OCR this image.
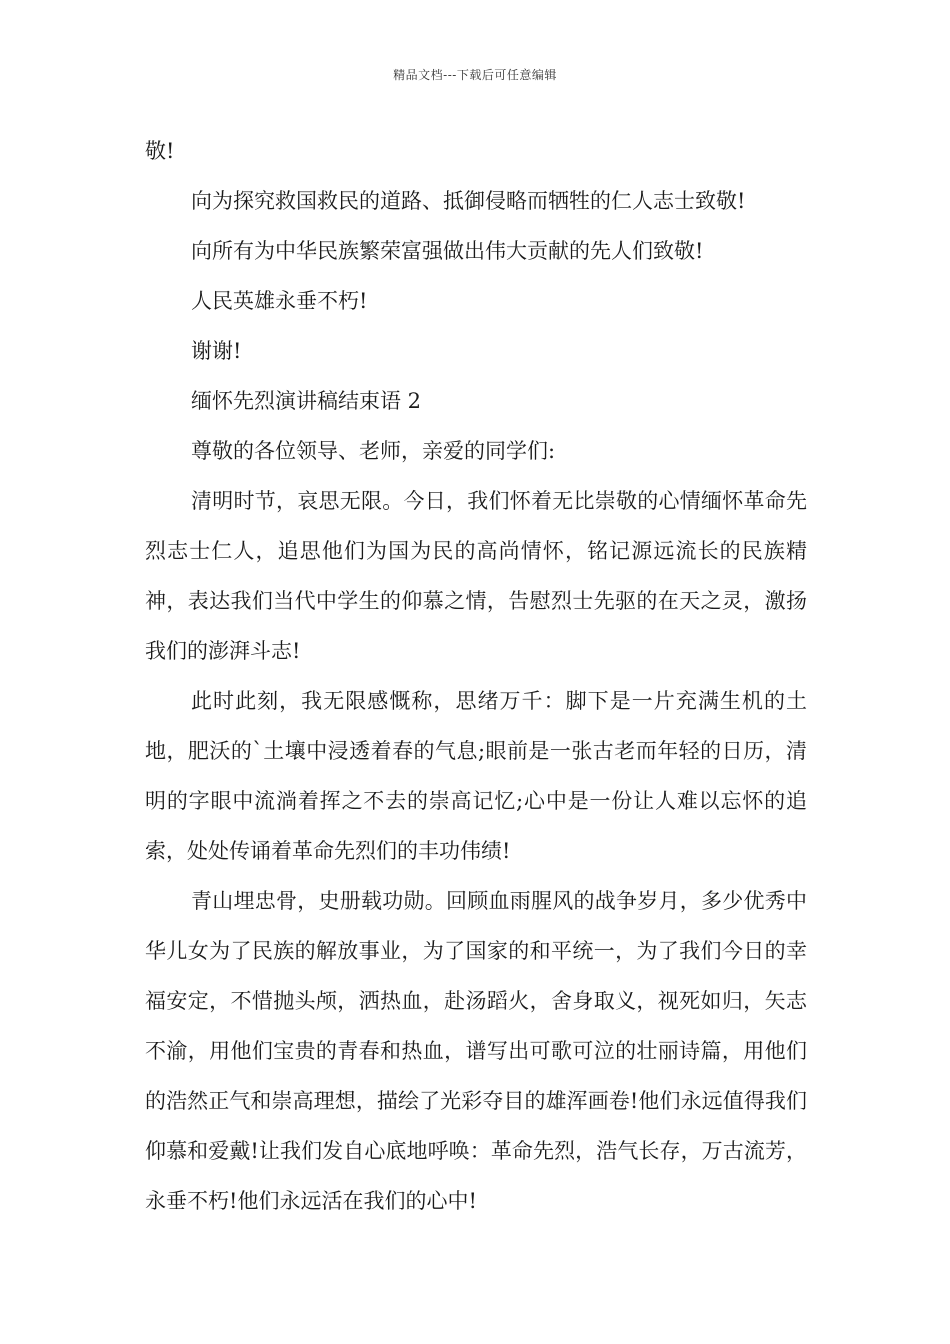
精品文档---下载后可任意编辑

敬!

向为探究救国救民的道路、抵御侵略而牺牲的仁人志士致敬!

向所有为中华民族繁荣富强做出伟大贡献的先人们致敬!

人民英雄永垂不朽!

谢谢!

缅怀先烈演讲稿结束语 2

尊敬的各位领导、老师，亲爱的同学们:

清明时节，哀思无限。今日，我们怀着无比崇敬的心情缅怀革命先烈志士仁人，追思他们为国为民的高尚情怀，铭记源远流长的民族精神，表达我们当代中学生的仰慕之情，告慰烈士先驱的在天之灵，激扬我们的澎湃斗志!

此时此刻，我无限感慨称，思绪万千：脚下是一片充满生机的土地，肥沃的`土壤中浸透着春的气息;眼前是一张古老而年轻的日历，清明的字眼中流淌着挥之不去的崇高记忆;心中是一份让人难以忘怀的追索，处处传诵着革命先烈们的丰功伟绩!

青山埋忠骨，史册载功勋。回顾血雨腥风的战争岁月，多少优秀中华儿女为了民族的解放事业，为了国家的和平统一，为了我们今日的幸福安定，不惜抛头颅，洒热血，赴汤蹈火，舍身取义，视死如归，矢志不渝，用他们宝贵的青春和热血，谱写出可歌可泣的壮丽诗篇，用他们的浩然正气和崇高理想，描绘了光彩夺目的雄浑画卷!他们永远值得我们仰慕和爱戴!让我们发自心底地呼唤：革命先烈，浩气长存，万古流芳，永垂不朽!他们永远活在我们的心中!
